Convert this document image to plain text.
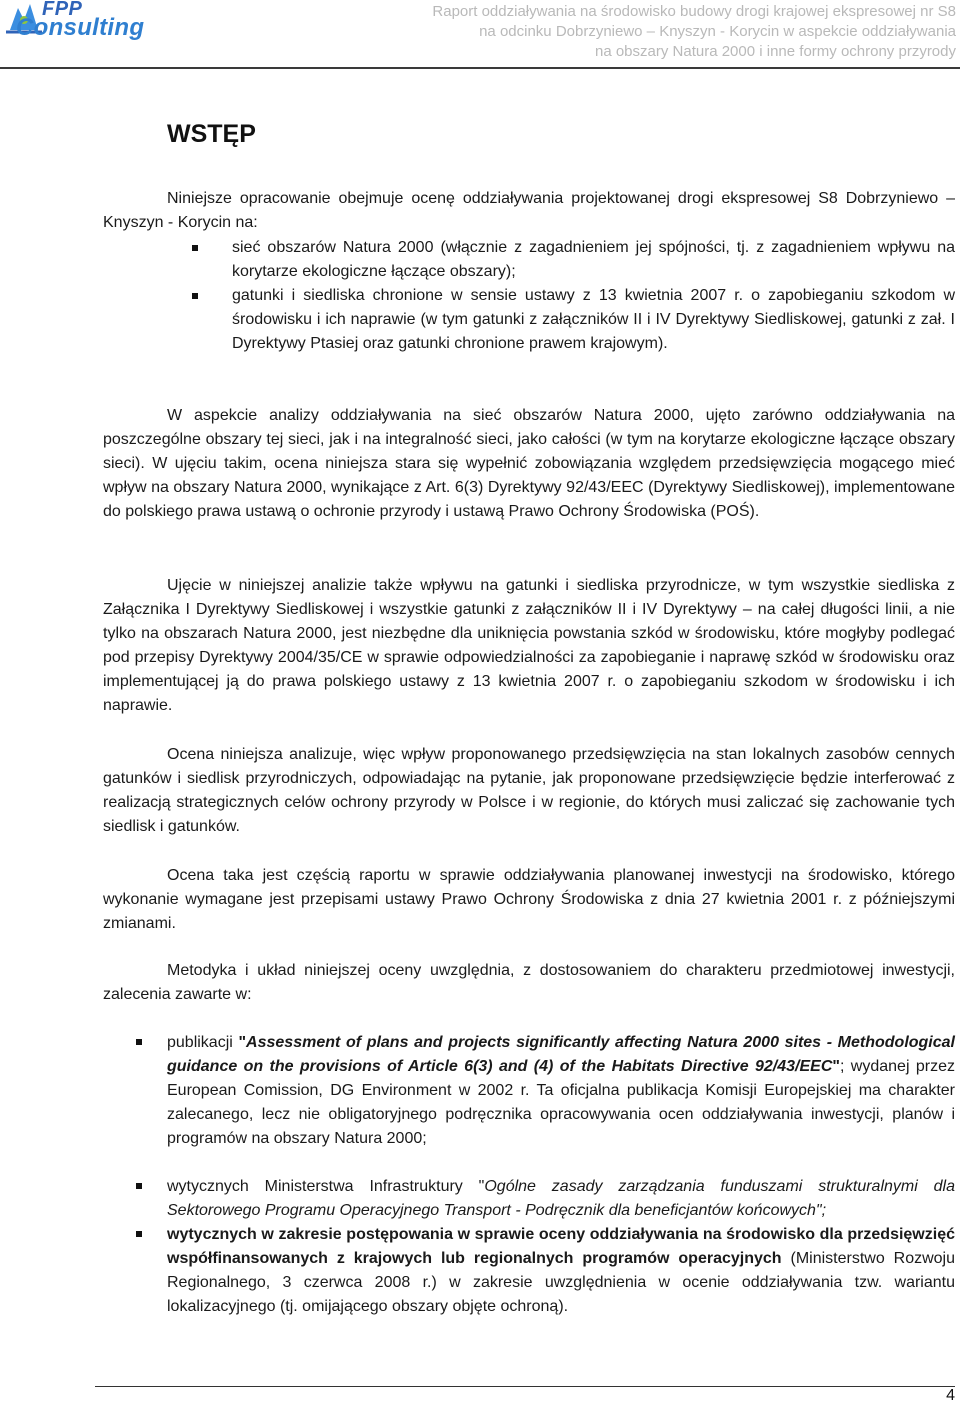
FPP
Consulting
Raport oddziaływania na środowisko budowy drogi krajowej ekspresowej nr S8
na odcinku Dobrzyniewo – Knyszyn - Korycin w aspekcie oddziaływania
na obszary Natura 2000 i inne formy ochrony przyrody
WSTĘP

Niniejsze opracowanie obejmuje ocenę oddziaływania projektowanej drogi ekspresowej S8 Dobrzyniewo – Knyszyn - Korycin na:

sieć obszarów Natura 2000 (włącznie z zagadnieniem jej spójności, tj. z zagadnieniem wpływu na korytarze ekologiczne łączące obszary);
gatunki i siedliska chronione w sensie ustawy z 13 kwietnia 2007 r. o zapobieganiu szkodom w środowisku i ich naprawie (w tym gatunki z załączników II i IV Dyrektywy Siedliskowej, gatunki z zał. I Dyrektywy Ptasiej oraz gatunki chronione prawem krajowym).

W aspekcie analizy oddziaływania na sieć obszarów Natura 2000, ujęto zarówno oddziaływania na poszczególne obszary tej sieci, jak i na integralność sieci, jako całości (w tym na korytarze ekologiczne łączące obszary sieci). W ujęciu takim, ocena niniejsza stara się wypełnić zobowiązania względem przedsięwzięcia mogącego mieć wpływ na obszary Natura 2000, wynikające z Art. 6(3) Dyrektywy 92/43/EEC (Dyrektywy Siedliskowej), implementowane do polskiego prawa ustawą o ochronie przyrody i ustawą Prawo Ochrony Środowiska (POŚ).

Ujęcie w niniejszej analizie także wpływu na gatunki i siedliska przyrodnicze, w tym wszystkie siedliska z Załącznika I Dyrektywy Siedliskowej i wszystkie gatunki z załączników II i IV Dyrektywy – na całej długości linii, a nie tylko na obszarach Natura 2000, jest niezbędne dla uniknięcia powstania szkód w środowisku, które mogłyby podlegać pod przepisy Dyrektywy 2004/35/CE w sprawie odpowiedzialności za zapobieganie i naprawę szkód w środowisku oraz implementującej ją do prawa polskiego ustawy z 13 kwietnia 2007 r. o zapobieganiu szkodom w środowisku i ich naprawie.

Ocena niniejsza analizuje, więc wpływ proponowanego przedsięwzięcia na stan lokalnych zasobów cennych gatunków i siedlisk przyrodniczych, odpowiadając na pytanie, jak proponowane przedsięwzięcie będzie interferować z realizacją strategicznych celów ochrony przyrody w Polsce i w regionie, do których musi zaliczać się zachowanie tych siedlisk i gatunków.

Ocena taka jest częścią raportu w sprawie oddziaływania planowanej inwestycji na środowisko, którego wykonanie wymagane jest przepisami ustawy Prawo Ochrony Środowiska z dnia 27 kwietnia 2001 r. z późniejszymi zmianami.

Metodyka i układ niniejszej oceny uwzględnia, z dostosowaniem do charakteru przedmiotowej inwestycji, zalecenia zawarte w:

publikacji "Assessment of plans and projects significantly affecting Natura 2000 sites - Methodological guidance on the provisions of Article 6(3) and (4) of the Habitats Directive 92/43/EEC"; wydanej przez European Comission, DG Environment w 2002 r. Ta oficjalna publikacja Komisji Europejskiej ma charakter zalecanego, lecz nie obligatoryjnego podręcznika opracowywania ocen oddziaływania inwestycji, planów i programów na obszary Natura 2000;
wytycznych Ministerstwa Infrastruktury "Ogólne zasady zarządzania funduszami strukturalnymi dla Sektorowego Programu Operacyjnego Transport - Podręcznik dla beneficjantów końcowych";
wytycznych w zakresie postępowania w sprawie oceny oddziaływania na środowisko dla przedsięwzięć współfinansowanych z krajowych lub regionalnych programów operacyjnych (Ministerstwo Rozwoju Regionalnego, 3 czerwca 2008 r.) w zakresie uwzględnienia w ocenie oddziaływania tzw. wariantu lokalizacyjnego (tj. omijającego obszary objęte ochroną).
4
